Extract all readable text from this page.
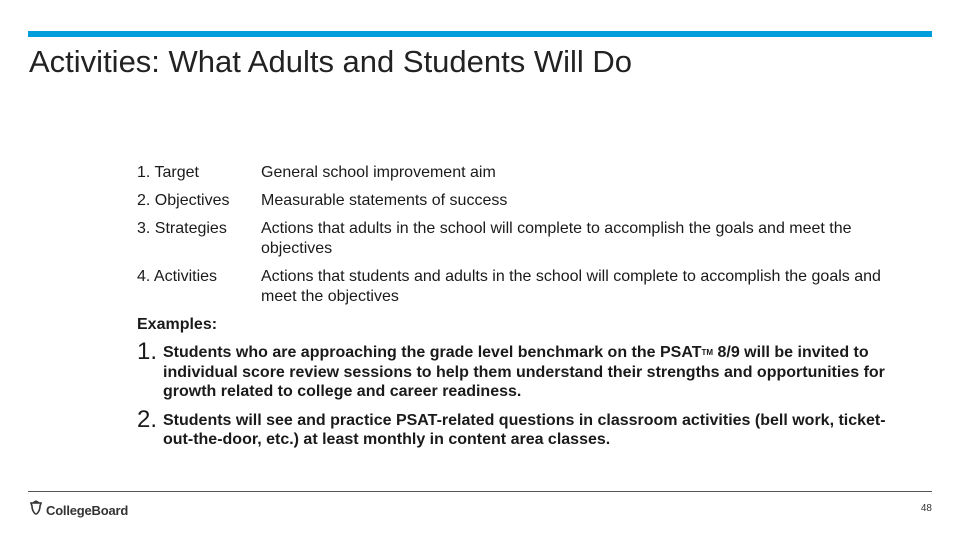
Activities: What Adults and Students Will Do
1. Target	General school improvement aim
2. Objectives	Measurable statements of success
3. Strategies	Actions that adults in the school will complete to accomplish the goals and meet the objectives
4. Activities	Actions that students and adults in the school will complete to accomplish the goals and meet the objectives
Examples:
1. Students who are approaching the grade level benchmark on the PSATTM 8/9 will be invited to individual score review sessions to help them understand their strengths and opportunities for growth related to college and career readiness.
2. Students will see and practice PSAT-related questions in classroom activities (bell work, ticket-out-the-door, etc.) at least monthly in content area classes.
CollegeBoard	48
